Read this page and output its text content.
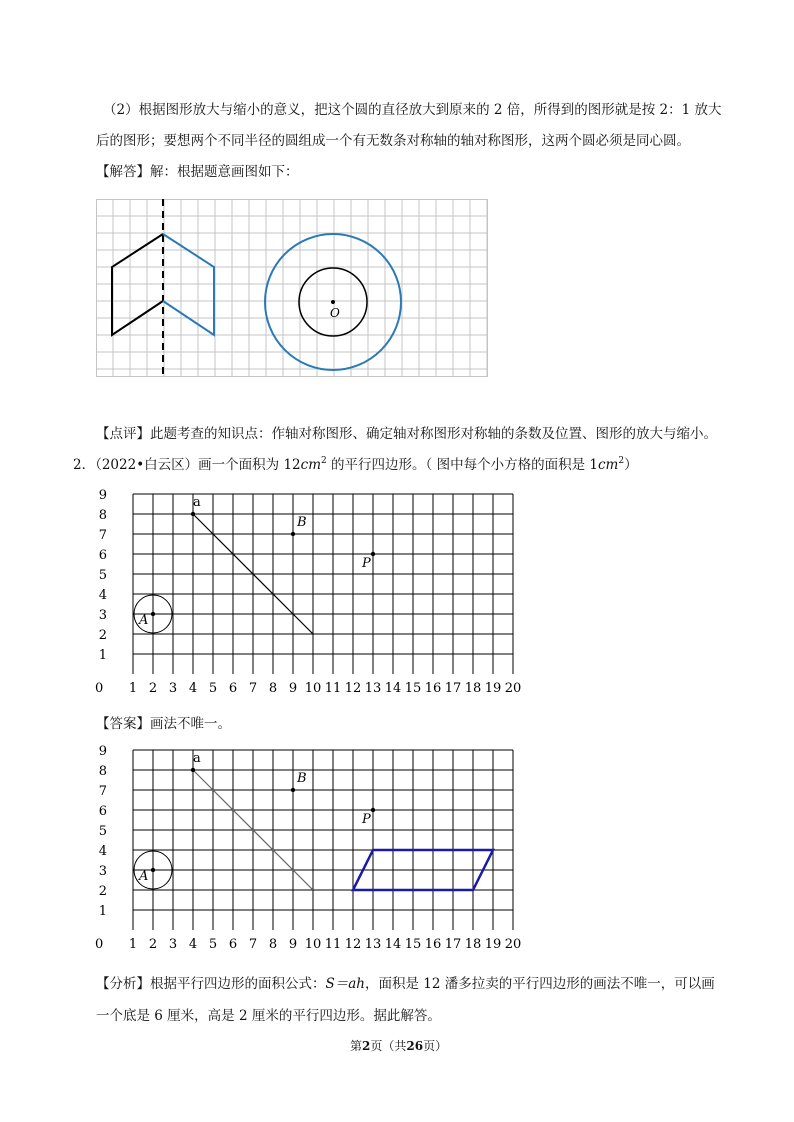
（2）根据图形放大与缩小的意义，把这个圆的直径放大到原来的 2 倍，所得到的图形就是按 2：1 放大
后的图形；要想两个不同半径的圆组成一个有无数条对称轴的轴对称图形，这两个圆必须是同心圆。
【解答】解：根据题意画图如下：
O
【点评】此题考查的知识点：作轴对称图形、确定轴对称图形对称轴的条数及位置、图形的放大与缩小。
2．（2022•白云区）画一个面积为 $12cm^2$ 的平行四边形。（ 图中每个小方格的面积是 $1cm^2$）
0 1 2 3 4 5 6 7 8 9 10 11 12 13 14 15 16 17 18 19 20
1
2
3
4
5
6
7
8
9	a
B
P
A
【答案】画法不唯一。
0 1 2 3 4 5 6 7 8 9 10 11 12 13 14 15 16 17 18 19 20
1
2
3
4
5
6
7
8
9	a
B
P
A
【分析】根据平行四边形的面积公式：S＝ah，面积是 12 潘多拉卖的平行四边形的画法不唯一，可以画
一个底是 6 厘米，高是 2 厘米的平行四边形。据此解答。
第2页（共26页）
